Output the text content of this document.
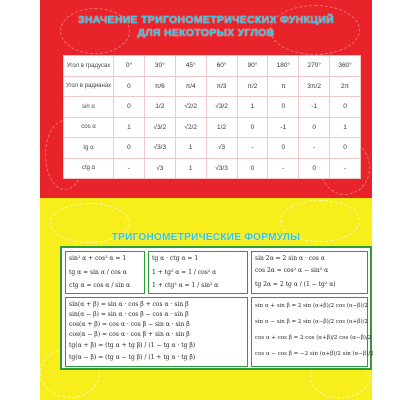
ЗНАЧЕНИЕ ТРИГОНОМЕТРИЧЕСКИХ ФУНКЦИЙ
ДЛЯ НЕКОТОРЫХ УГЛОВ
Угол в градусах	0°	30°	45°	60°	90°	180°	270°	360°
Угол в радианах	0	π/6	π/4	π/3	π/2	π	3π/2	2π
sin α	0	1/2	√2/2	√3/2	1	0	-1	0
cos α	1	√3/2	√2/2	1/2	0	-1	0	1
tg α	0	√3/3	1	√3	-	0	-	0
ctg α	-	√3	1	√3/3	0	-	0	-
ТРИГОНОМЕТРИЧЕСКИЕ ФОРМУЛЫ
sin² α + cos² α = 1
tg α = sin α / cos α
ctg α = cos α / sin α
tg α · ctg α = 1
1 + tg² α = 1 / cos² α
1 + ctg² α = 1 / sin² α
sin 2α = 2 sin α · cos α
cos 2α = cos² α − sin² α
tg 2α = 2 tg α / (1 − tg² α)
sin(α + β) = sin α · cos β + cos α · sin β
sin(α − β) = sin α · cos β − cos α · sin β
cos(α + β) = cos α · cos β − sin α · sin β
cos(α − β) = cos α · cos β + sin α · sin β
tg(α + β) = (tg α + tg β) / (1 − tg α · tg β)
tg(α − β) = (tg α − tg β) / (1 + tg α · tg β)
sin α + sin β = 2 sin (α+β)/2 cos (α−β)/2
sin α − sin β = 2 sin (α−β)/2 cos (α+β)/2
cos α + cos β = 2 cos (α+β)/2 cos (α−β)/2
cos α − cos β = −2 sin (α+β)/2 sin (α−β)/2
